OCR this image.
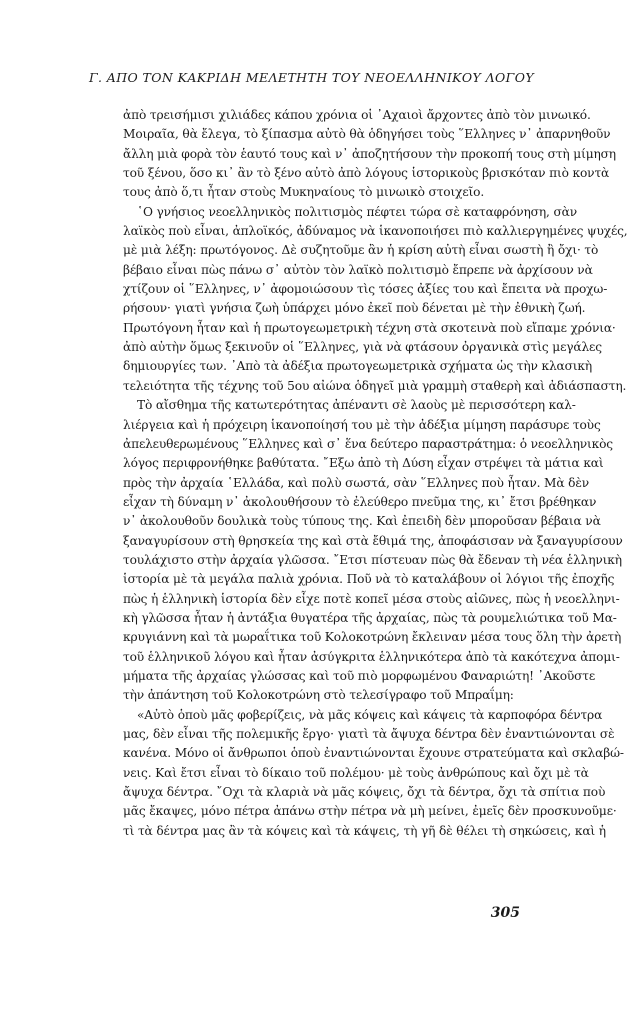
Γ. ΑΠΟ ΤΟΝ ΚΑΚΡΙΔΗ ΜΕΛΕΤΗΤΗ ΤΟΥ ΝΕΟΕΛΛΗΝΙΚΟΥ ΛΟΓΟΥ
ἀπὸ τρεισήμισι χιλιάδες κάπου χρόνια οἱ ᾿Αχαιοὶ ἄρχοντες ἀπὸ τὸν μινωικό.
Μοιραῖα, θὰ ἔλεγα, τὸ ξίπασμα αὐτὸ θὰ ὁδηγήσει τοὺς ῞Ελληνες ν᾿ ἀπαρνηθοῦν
ἄλλη μιὰ φορὰ τὸν ἑαυτό τους καὶ ν᾿ ἀποζητήσουν τὴν προκοπή τους στὴ μίμηση
τοῦ ξένου, ὅσο κι᾿ ἂν τὸ ξένο αὐτὸ ἀπὸ λόγους ἱστορικοὺς βρισκόταν πιὸ κοντὰ
τους ἀπὸ ὅ,τι ἦταν στοὺς Μυκηναίους τὸ μινωικὸ στοιχεῖο.
῾Ο γνήσιος νεοελληνικὸς πολιτισμὸς πέφτει τώρα σὲ καταφρόνηση, σὰν
λαϊκὸς ποὺ εἶναι, ἀπλοϊκός, ἀδύναμος νὰ ἱκανοποιήσει πιὸ καλλιεργημένες ψυχές,
μὲ μιὰ λέξη: πρωτόγονος. Δὲ συζητοῦμε ἂν ἡ κρίση αὐτὴ εἶναι σωστὴ ἢ ὄχι· τὸ
βέβαιο εἶναι πὼς πάνω σ᾿ αὐτὸν τὸν λαϊκὸ πολιτισμὸ ἔπρεπε νὰ ἀρχίσουν νὰ
χτίζουν οἱ ῞Ελληνες, ν᾿ ἀφομοιώσουν τὶς τόσες ἀξίες του καὶ ἔπειτα νὰ προχω-
ρήσουν· γιατὶ γνήσια ζωὴ ὑπάρχει μόνο ἐκεῖ ποὺ δένεται μὲ τὴν ἐθνικὴ ζωή.
Πρωτόγονη ἦταν καὶ ἡ πρωτογεωμετρικὴ τέχνη στὰ σκοτεινὰ ποὺ εἴπαμε χρόνια·
ἀπὸ αὐτὴν ὅμως ξεκινοῦν οἱ ῞Ελληνες, γιὰ νὰ φτάσουν ὀργανικὰ στὶς μεγάλες
δημιουργίες των. ᾿Απὸ τὰ ἀδέξια πρωτογεωμετρικὰ σχήματα ὡς τὴν κλασικὴ
τελειότητα τῆς τέχνης τοῦ 5ου αἰώνα ὁδηγεῖ μιὰ γραμμὴ σταθερὴ καὶ ἀδιάσπαστη.
Τὸ αἴσθημα τῆς κατωτερότητας ἀπέναντι σὲ λαοὺς μὲ περισσότερη καλ-
λιέργεια καὶ ἡ πρόχειρη ἱκανοποίησή του μὲ τὴν ἀδέξια μίμηση παράσυρε τοὺς
ἀπελευθερωμένους ῞Ελληνες καὶ σ᾿ ἕνα δεύτερο παραστράτημα: ὁ νεοελληνικὸς
λόγος περιφρονήθηκε βαθύτατα. ῎Εξω ἀπὸ τὴ Δύση εἶχαν στρέψει τὰ μάτια καὶ
πρὸς τὴν ἀρχαία ῾Ελλάδα, καὶ πολὺ σωστά, σὰν ῞Ελληνες ποὺ ἦταν. Μὰ δὲν
εἶχαν τὴ δύναμη ν᾿ ἀκολουθήσουν τὸ ἐλεύθερο πνεῦμα της, κι᾿ ἔτσι βρέθηκαν
ν᾿ ἀκολουθοῦν δουλικὰ τοὺς τύπους της. Καὶ ἐπειδὴ δὲν μποροῦσαν βέβαια νὰ
ξαναγυρίσουν στὴ θρησκεία της καὶ στὰ ἔθιμά της, ἀποφάσισαν νὰ ξαναγυρίσουν
τουλάχιστο στὴν ἀρχαία γλῶσσα. ῎Ετσι πίστευαν πὼς θὰ ἔδεναν τὴ νέα ἑλληνικὴ
ἱστορία μὲ τὰ μεγάλα παλιὰ χρόνια. Ποῦ νὰ τὸ καταλάβουν οἱ λόγιοι τῆς ἐποχῆς
πὼς ἡ ἑλληνικὴ ἱστορία δὲν εἶχε ποτὲ κοπεῖ μέσα στοὺς αἰῶνες, πὼς ἡ νεοελληνι-
κὴ γλῶσσα ἦταν ἡ ἀντάξια θυγατέρα τῆς ἀρχαίας, πὼς τὰ ρουμελιώτικα τοῦ Μα-
κρυγιάννη καὶ τὰ μωραΐτικα τοῦ Κολοκοτρώνη ἔκλειναν μέσα τους ὅλη τὴν ἀρετὴ
τοῦ ἑλληνικοῦ λόγου καὶ ἦταν ἀσύγκριτα ἑλληνικότερα ἀπὸ τὰ κακότεχνα ἀπομι-
μήματα τῆς ἀρχαίας γλώσσας καὶ τοῦ πιὸ μορφωμένου Φαναριώτη! ᾿Ακοῦστε
τὴν ἀπάντηση τοῦ Κολοκοτρώνη στὸ τελεσίγραφο τοῦ Μπραΐμη:
«Αὐτὸ ὁποὺ μᾶς φοβερίζεις, νὰ μᾶς κόψεις καὶ κάψεις τὰ καρποφόρα δέντρα
μας, δὲν εἶναι τῆς πολεμικῆς ἔργο· γιατὶ τὰ ἄψυχα δέντρα δὲν ἐναντιώνονται σὲ
κανένα. Μόνο οἱ ἄνθρωποι ὁποὺ ἐναντιώνονται ἔχουνε στρατεύματα καὶ σκλαβώ-
νεις. Καὶ ἔτσι εἶναι τὸ δίκαιο τοῦ πολέμου· μὲ τοὺς ἀνθρώπους καὶ ὄχι μὲ τὰ
ἄψυχα δέντρα. ῎Οχι τὰ κλαριὰ νὰ μᾶς κόψεις, ὄχι τὰ δέντρα, ὄχι τὰ σπίτια ποὺ
μᾶς ἔκαψες, μόνο πέτρα ἀπάνω στὴν πέτρα νὰ μὴ μείνει, ἐμεῖς δὲν προσκυνοῦμε·
τὶ τὰ δέντρα μας ἂν τὰ κόψεις καὶ τὰ κάψεις, τὴ γῆ δὲ θέλει τὴ σηκώσεις, καὶ ἡ
305
